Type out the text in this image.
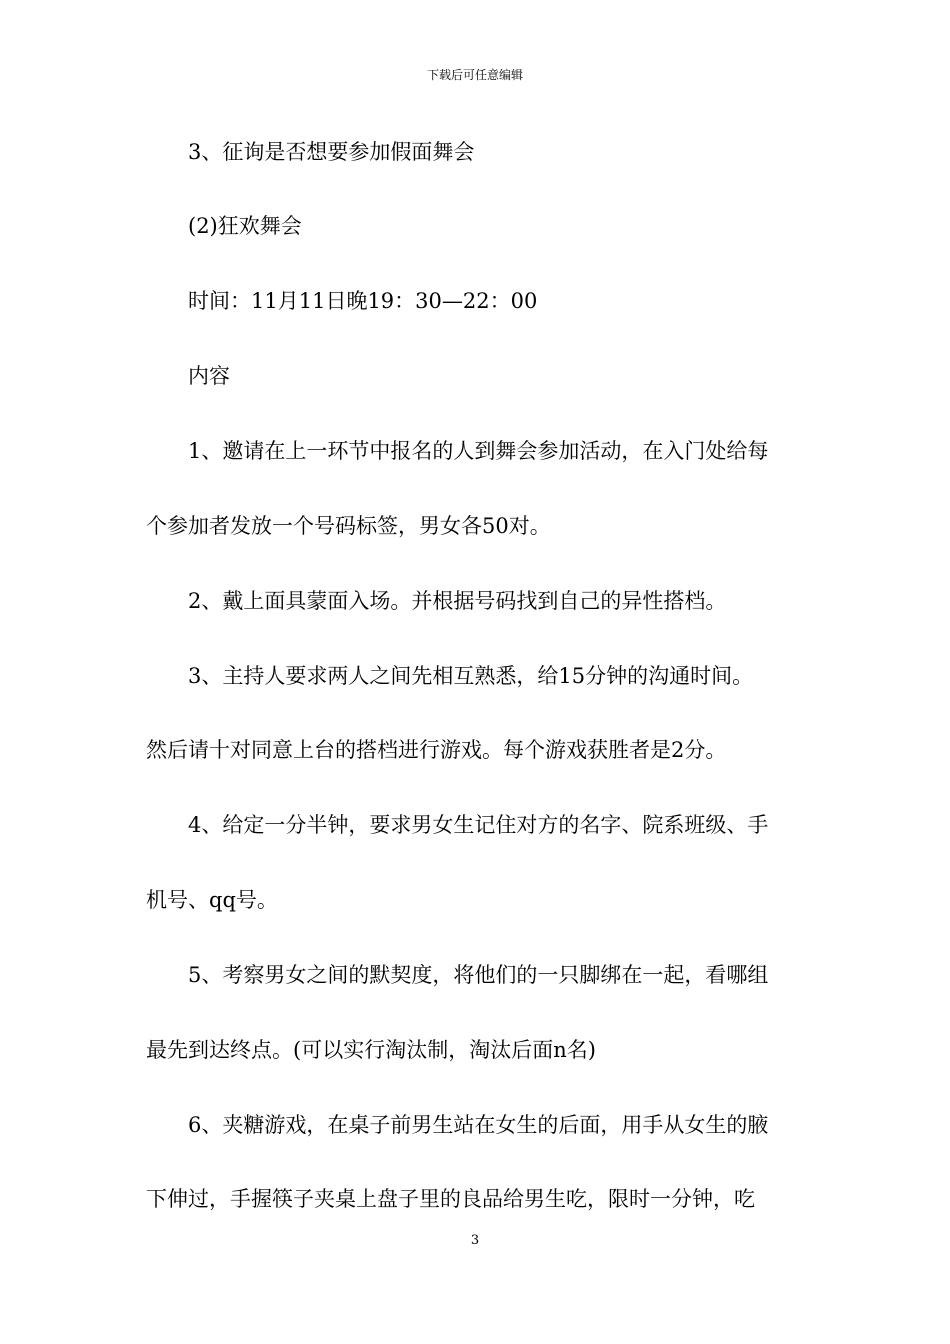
下载后可任意编辑
3、征询是否想要参加假面舞会
(2)狂欢舞会
时间：11月11日晚19：30—22：00
内容
1、邀请在上一环节中报名的人到舞会参加活动，在入门处给每
个参加者发放一个号码标签，男女各50对。
2、戴上面具蒙面入场。并根据号码找到自己的异性搭档。
3、主持人要求两人之间先相互熟悉，给15分钟的沟通时间。
然后请十对同意上台的搭档进行游戏。每个游戏获胜者是2分。
4、给定一分半钟，要求男女生记住对方的名字、院系班级、手
机号、qq号。
5、考察男女之间的默契度，将他们的一只脚绑在一起，看哪组
最先到达终点。(可以实行淘汰制，淘汰后面n名)
6、夹糖游戏，在桌子前男生站在女生的后面，用手从女生的腋
下伸过，手握筷子夹桌上盘子里的良品给男生吃，限时一分钟，吃
3
